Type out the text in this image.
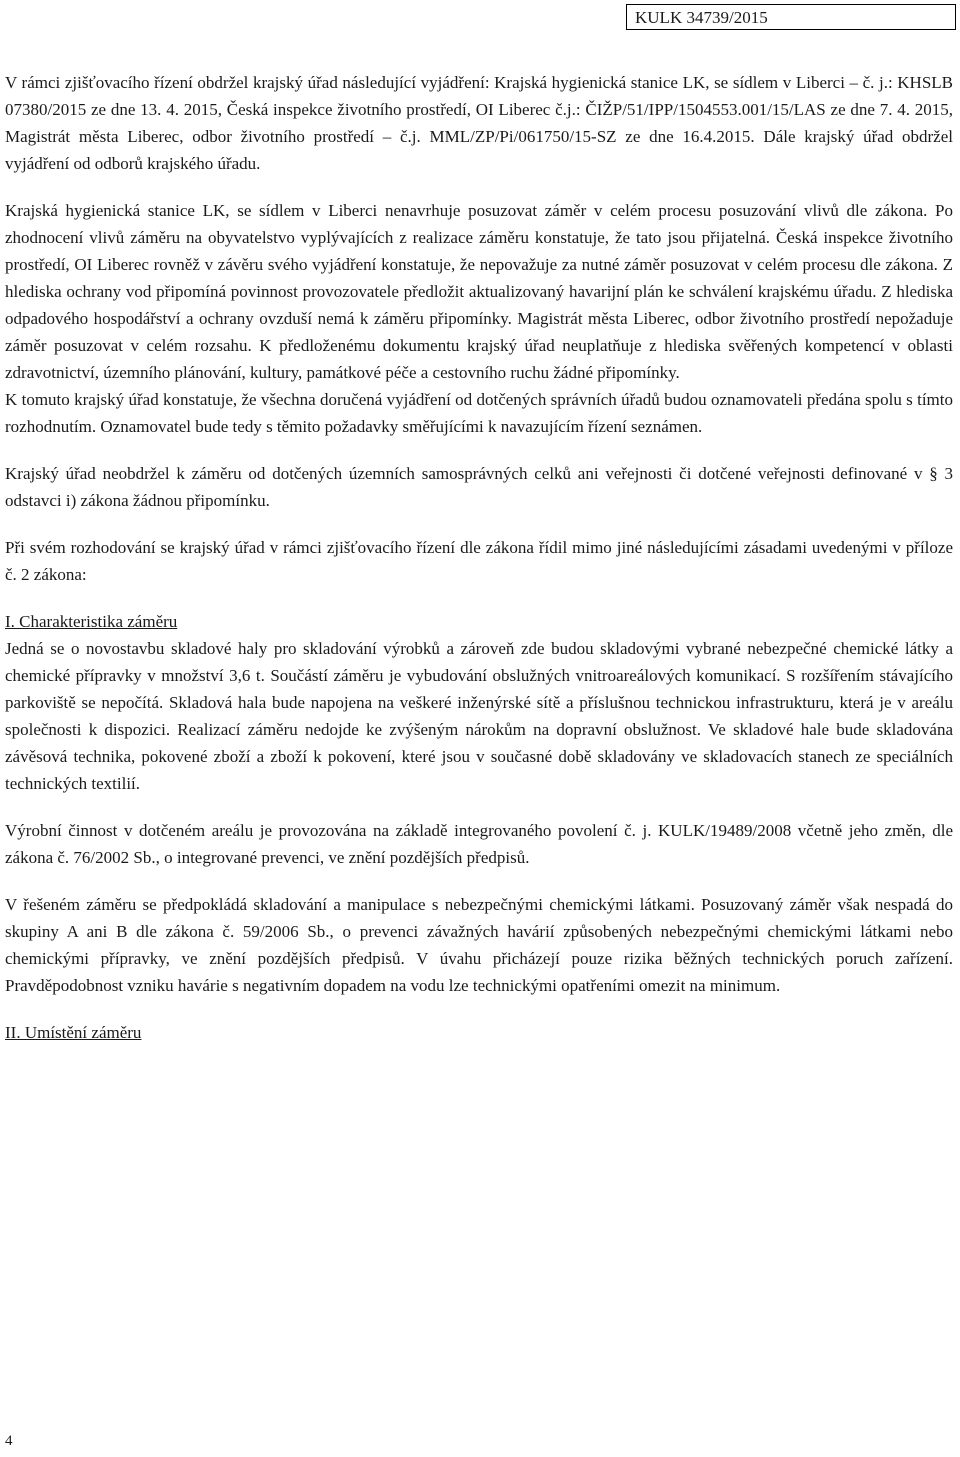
KULK 34739/2015

V rámci zjišťovacího řízení obdržel krajský úřad následující vyjádření: Krajská hygienická stanice LK, se sídlem v Liberci – č. j.: KHSLB 07380/2015 ze dne 13. 4. 2015, Česká inspekce životního prostředí, OI Liberec č.j.: ČIŽP/51/IPP/1504553.001/15/LAS ze dne 7. 4. 2015, Magistrát města Liberec, odbor životního prostředí – č.j. MML/ZP/Pi/061750/15-SZ ze dne 16.4.2015. Dále krajský úřad obdržel vyjádření od odborů krajského úřadu.

Krajská hygienická stanice LK, se sídlem v Liberci nenavrhuje posuzovat záměr v celém procesu posuzování vlivů dle zákona. Po zhodnocení vlivů záměru na obyvatelstvo vyplývajících z realizace záměru konstatuje, že tato jsou přijatelná. Česká inspekce životního prostředí, OI Liberec rovněž v závěru svého vyjádření konstatuje, že nepovažuje za nutné záměr posuzovat v celém procesu dle zákona. Z hlediska ochrany vod připomíná povinnost provozovatele předložit aktualizovaný havarijní plán ke schválení krajskému úřadu. Z hlediska odpadového hospodářství a ochrany ovzduší nemá k záměru připomínky. Magistrát města Liberec, odbor životního prostředí nepožaduje záměr posuzovat v celém rozsahu. K předloženému dokumentu krajský úřad neuplatňuje z hlediska svěřených kompetencí v oblasti zdravotnictví, územního plánování, kultury, památkové péče a cestovního ruchu žádné připomínky.

K tomuto krajský úřad konstatuje, že všechna doručená vyjádření od dotčených správních úřadů budou oznamovateli předána spolu s tímto rozhodnutím. Oznamovatel bude tedy s těmito požadavky směřujícími k navazujícím řízení seznámen.

Krajský úřad neobdržel k záměru od dotčených územních samosprávných celků ani veřejnosti či dotčené veřejnosti definované v § 3 odstavci i) zákona žádnou připomínku.

Při svém rozhodování se krajský úřad v rámci zjišťovacího řízení dle zákona řídil mimo jiné následujícími zásadami uvedenými v příloze č. 2 zákona:

I. Charakteristika záměru

Jedná se o novostavbu skladové haly pro skladování výrobků a zároveň zde budou skladovými vybrané nebezpečné chemické látky a chemické přípravky v množství 3,6 t. Součástí záměru je vybudování obslužných vnitroareálových komunikací. S rozšířením stávajícího parkoviště se nepočítá. Skladová hala bude napojena na veškeré inženýrské sítě a příslušnou technickou infrastrukturu, která je v areálu společnosti k dispozici. Realizací záměru nedojde ke zvýšeným nárokům na dopravní obslužnost. Ve skladové hale bude skladována závěsová technika, pokovené zboží a zboží k pokovení, které jsou v současné době skladovány ve skladovacích stanech ze speciálních technických textilií.

Výrobní činnost v dotčeném areálu je provozována na základě integrovaného povolení č. j. KULK/19489/2008 včetně jeho změn, dle zákona č. 76/2002 Sb., o integrované prevenci, ve znění pozdějších předpisů.

V řešeném záměru se předpokládá skladování a manipulace s nebezpečnými chemickými látkami. Posuzovaný záměr však nespadá do skupiny A ani B dle zákona č. 59/2006 Sb., o prevenci závažných havárií způsobených nebezpečnými chemickými látkami nebo chemickými přípravky, ve znění pozdějších předpisů. V úvahu přicházejí pouze rizika běžných technických poruch zařízení. Pravděpodobnost vzniku havárie s negativním dopadem na vodu lze technickými opatřeními omezit na minimum.

II. Umístění záměru

4
